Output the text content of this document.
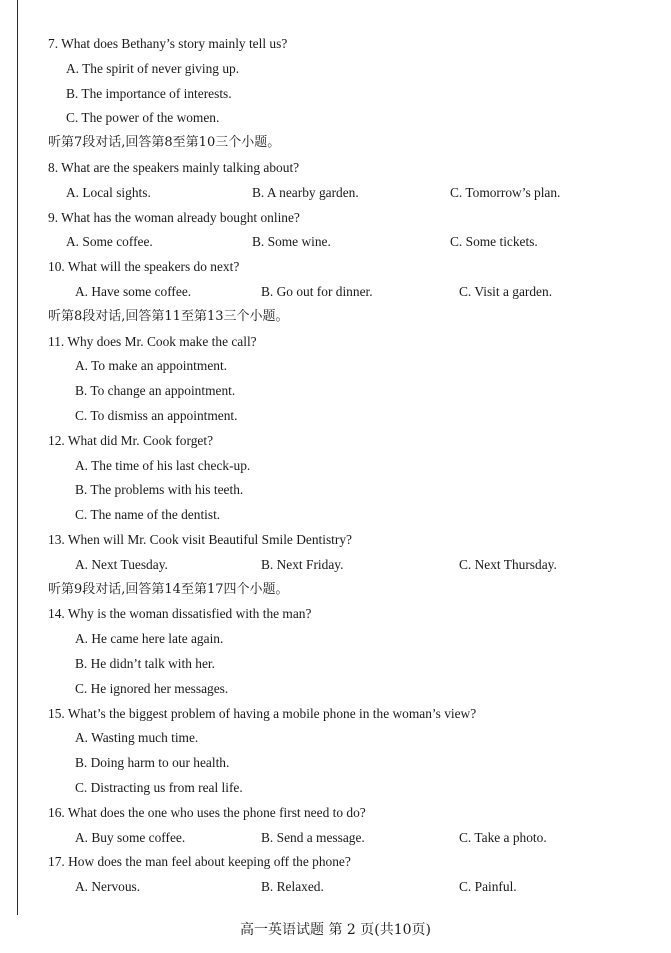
7. What does Bethany’s story mainly tell us?
A. The spirit of never giving up.
B. The importance of interests.
C. The power of the women.
听第7段对话,回答第8至第10三个小题。
8. What are the speakers mainly talking about?
A. Local sights.	B. A nearby garden.	C. Tomorrow’s plan.
9. What has the woman already bought online?
A. Some coffee.	B. Some wine.	C. Some tickets.
10. What will the speakers do next?
A. Have some coffee.	B. Go out for dinner.	C. Visit a garden.
听第8段对话,回答第11至第13三个小题。
11. Why does Mr. Cook make the call?
A. To make an appointment.
B. To change an appointment.
C. To dismiss an appointment.
12. What did Mr. Cook forget?
A. The time of his last check-up.
B. The problems with his teeth.
C. The name of the dentist.
13. When will Mr. Cook visit Beautiful Smile Dentistry?
A. Next Tuesday.	B. Next Friday.	C. Next Thursday.
听第9段对话,回答第14至第17四个小题。
14. Why is the woman dissatisfied with the man?
A. He came here late again.
B. He didn’t talk with her.
C. He ignored her messages.
15. What’s the biggest problem of having a mobile phone in the woman’s view?
A. Wasting much time.
B. Doing harm to our health.
C. Distracting us from real life.
16. What does the one who uses the phone first need to do?
A. Buy some coffee.	B. Send a message.	C. Take a photo.
17. How does the man feel about keeping off the phone?
A. Nervous.	B. Relaxed.	C. Painful.
高一英语试题 第 2 页(共10页)
